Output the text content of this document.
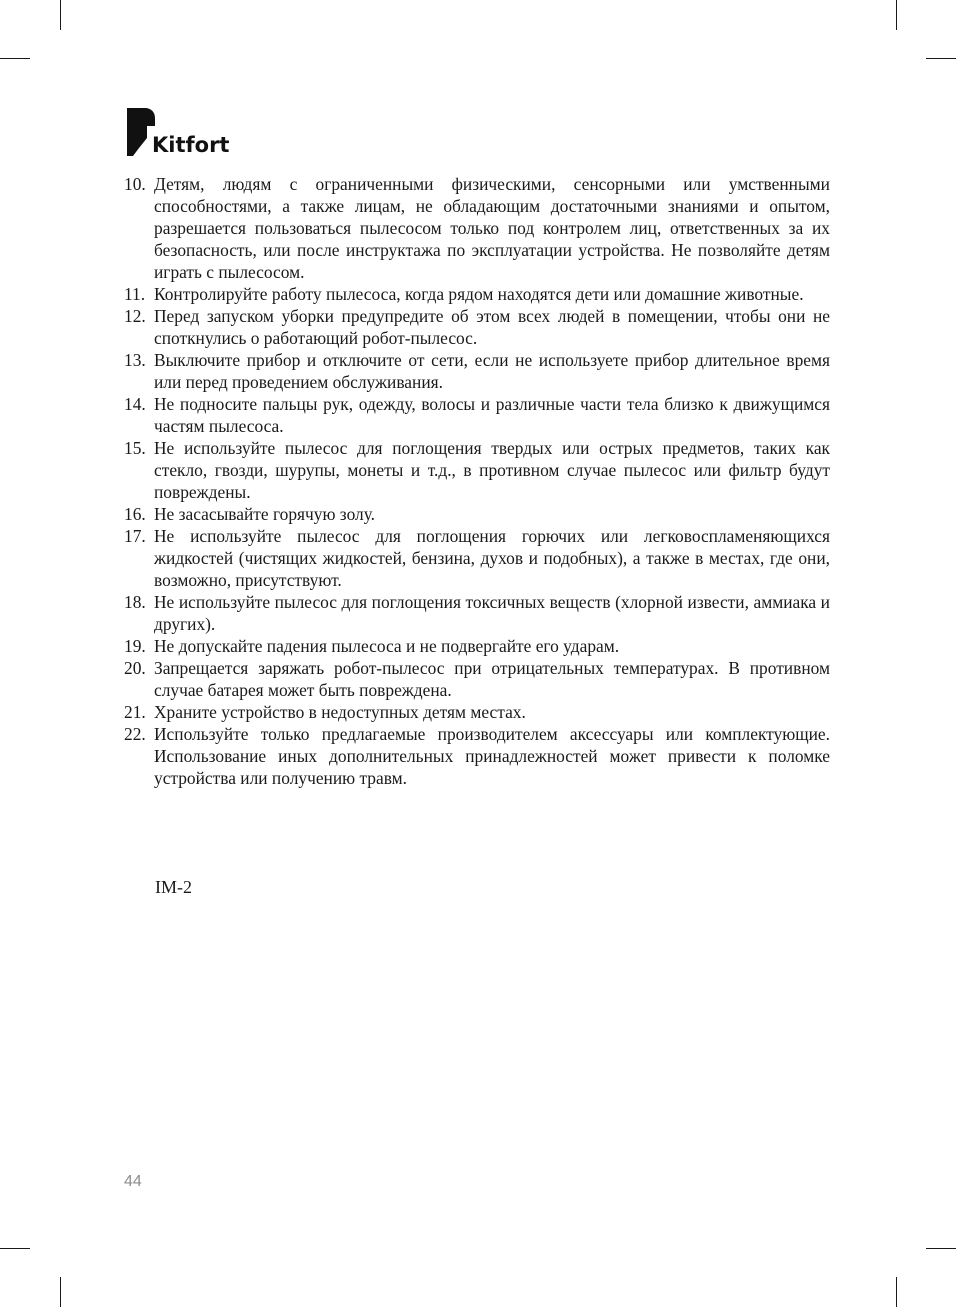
Kitfort
10. Детям, людям с ограниченными физическими, сенсорными или умственными способностями, а также лицам, не обладающим достаточными знаниями и опытом, разрешается пользоваться пылесосом только под контролем лиц, ответственных за их безопасность, или после инструктажа по эксплуатации устройства. Не позволяйте детям играть с пылесосом.
11. Контролируйте работу пылесоса, когда рядом находятся дети или домашние животные.
12. Перед запуском уборки предупредите об этом всех людей в помещении, чтобы они не споткнулись о работающий робот-пылесос.
13. Выключите прибор и отключите от сети, если не используете прибор длительное время или перед проведением обслуживания.
14. Не подносите пальцы рук, одежду, волосы и различные части тела близко к движущимся частям пылесоса.
15. Не используйте пылесос для поглощения твердых или острых предметов, таких как стекло, гвозди, шурупы, монеты и т.д., в противном случае пылесос или фильтр будут повреждены.
16. Не засасывайте горячую золу.
17. Не используйте пылесос для поглощения горючих или легковоспламеняющихся жидкостей (чистящих жидкостей, бензина, духов и подобных), а также в местах, где они, возможно, присутствуют.
18. Не используйте пылесос для поглощения токсичных веществ (хлорной извести, аммиака и других).
19. Не допускайте падения пылесоса и не подвергайте его ударам.
20. Запрещается заряжать робот-пылесос при отрицательных температурах. В противном случае батарея может быть повреждена.
21. Храните устройство в недоступных детям местах.
22. Используйте только предлагаемые производителем аксессуары или комплектующие. Использование иных дополнительных принадлежностей может привести к поломке устройства или получению травм.
IM-2
44
